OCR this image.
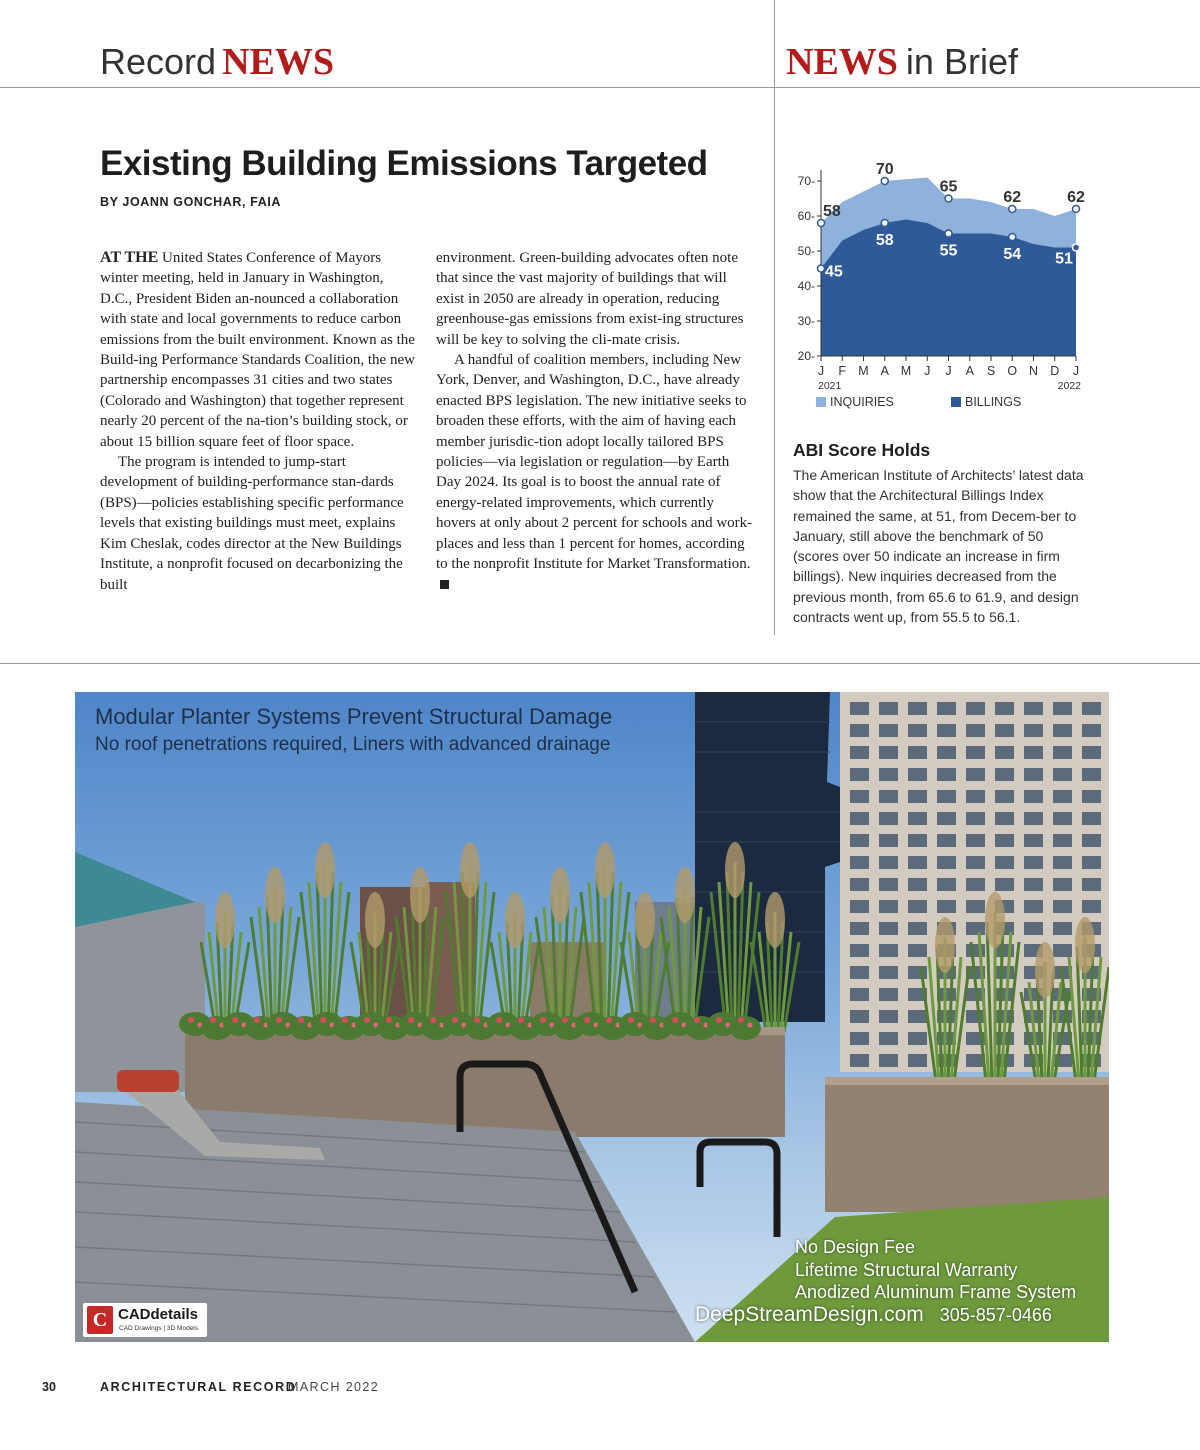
Record NEWS	NEWS in Brief
Existing Building Emissions Targeted
BY JOANN GONCHAR, FAIA

AT THE United States Conference of Mayors winter meeting, held in January in Washington, D.C., President Biden an-nounced a collaboration with state and local governments to reduce carbon emissions from the built environment. Known as the Build-ing Performance Standards Coalition, the new partnership encompasses 31 cities and two states (Colorado and Washington) that together represent nearly 20 percent of the na-tion’s building stock, or about 15 billion square feet of floor space.

The program is intended to jump-start development of building-performance stan-dards (BPS)—policies establishing specific performance levels that existing buildings must meet, explains Kim Cheslak, codes director at the New Buildings Institute, a nonprofit focused on decarbonizing the built

environment. Green-building advocates often note that since the vast majority of buildings that will exist in 2050 are already in operation, reducing greenhouse-gas emissions from exist-ing structures will be key to solving the cli-mate crisis.

A handful of coalition members, including New York, Denver, and Washington, D.C., have already enacted BPS legislation. The new initiative seeks to broaden these efforts, with the aim of having each member jurisdic-tion adopt locally tailored BPS policies—via legislation or regulation—by Earth Day 2024. Its goal is to boost the annual rate of energy-related improvements, which currently hovers at only about 2 percent for schools and work-places and less than 1 percent for homes, according to the nonprofit Institute for Market Transformation.

20-
30-
40-
50-
60-
70-
J F M A M J J A S O N D J
2021	2022
58
70
65
62	62
45
58
55	54 51
INQUIRIES	BILLINGS
ABI Score Holds
The American Institute of Architects’ latest data show that the Architectural Billings Index remained the same, at 51, from Decem-ber to January, still above the benchmark of 50 (scores over 50 indicate an increase in firm billings). New inquiries decreased from the previous month, from 65.6 to 61.9, and design contracts went up, from 55.5 to 56.1.
Modular Planter Systems Prevent Structural Damage
No roof penetrations required, Liners with advanced drainage
No Design Fee
Lifetime Structural Warranty
Anodized Aluminum Frame System
DeepStreamDesign.com 305-857-0466
C CADdetails
CAD Drawings | 3D Models
30	ARCHITECTURAL RECORD
MARCH 2022
